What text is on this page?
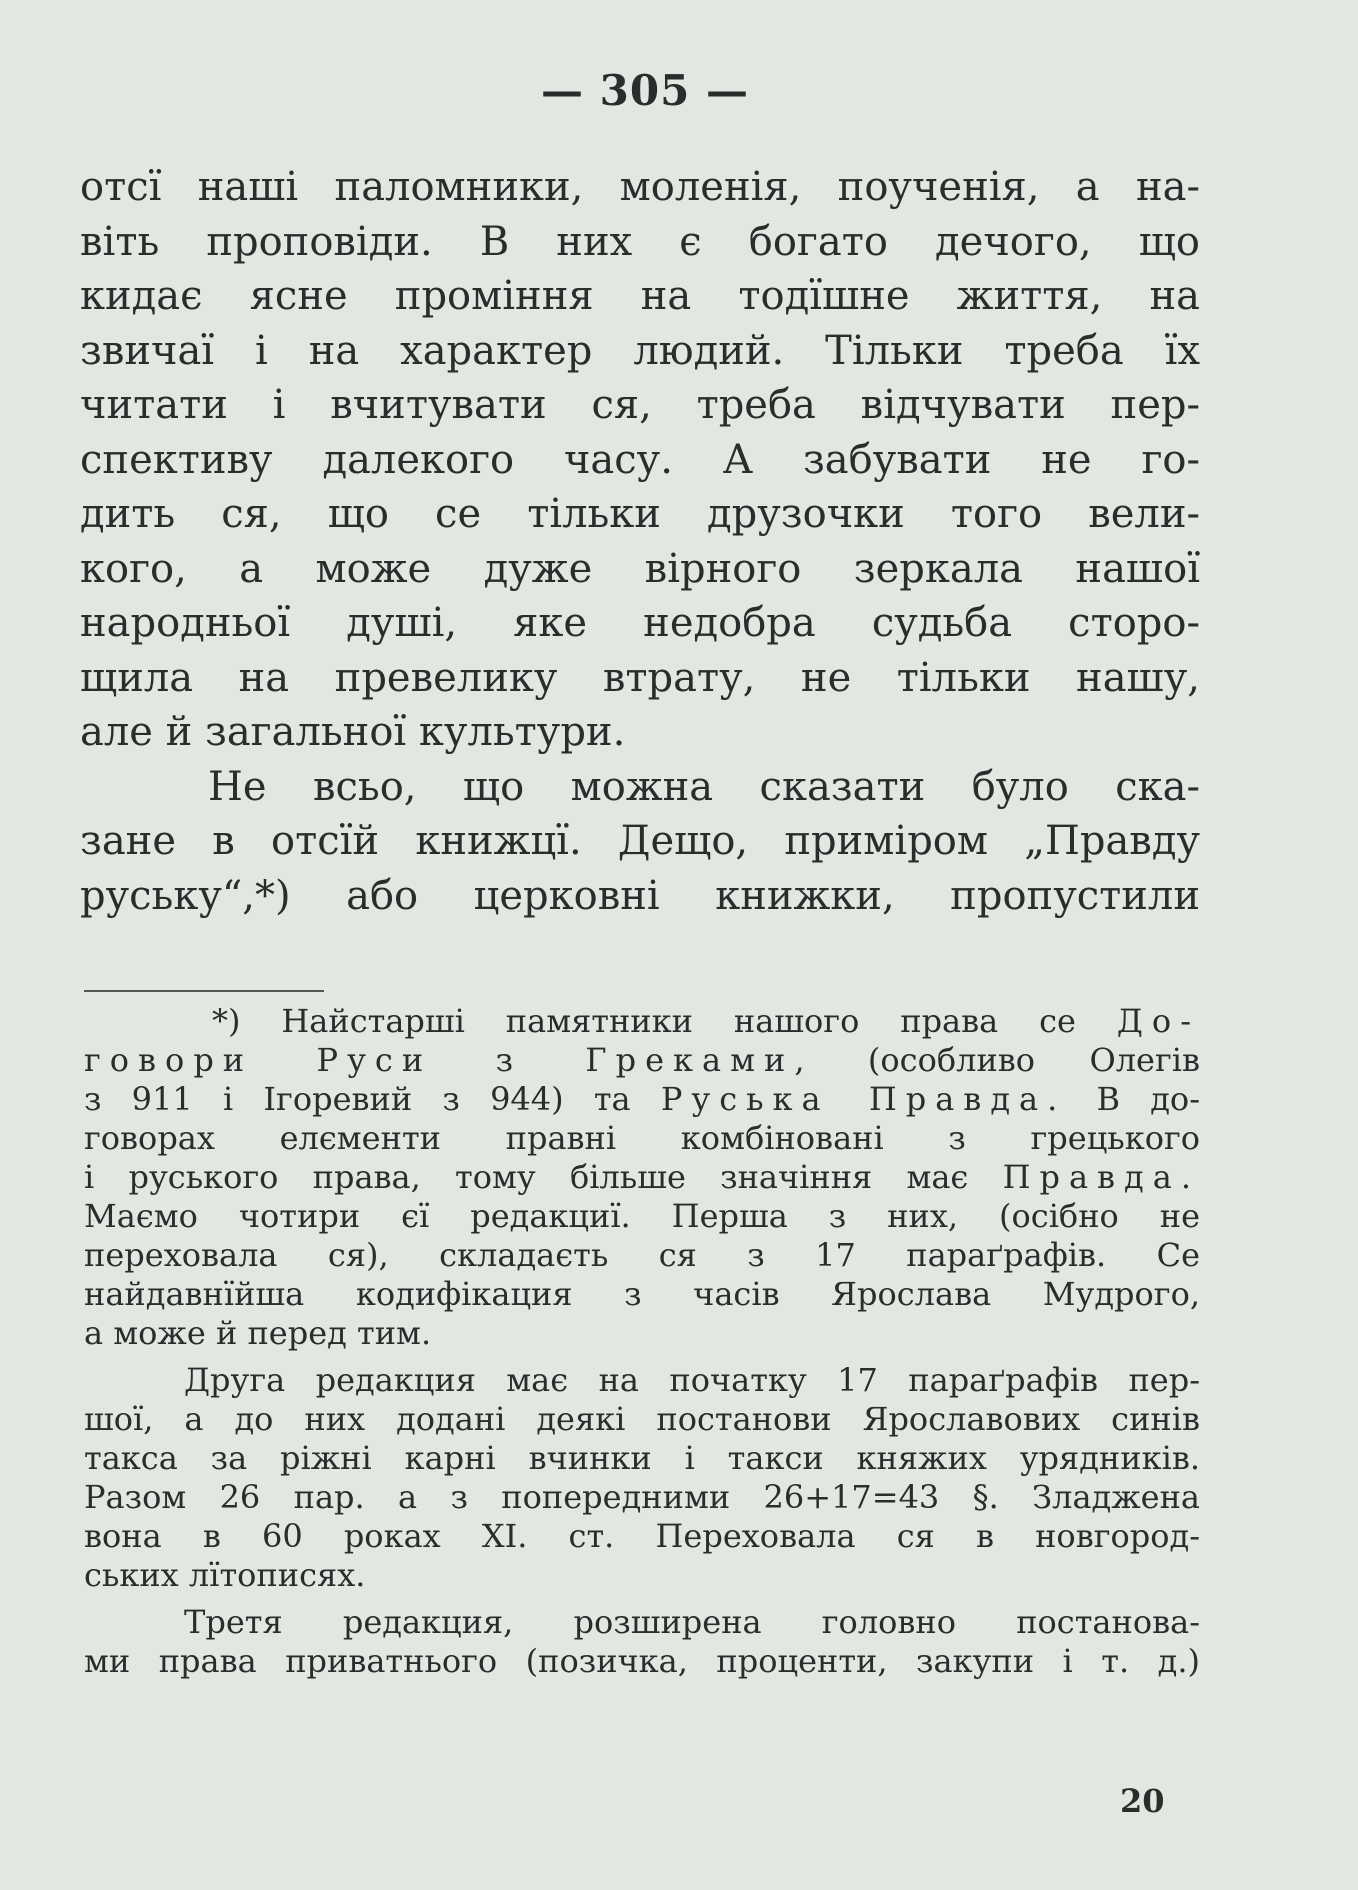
— 305 —
отсї наші паломники, моленія, поученія, а на-
віть проповіди. В них є богато дечого, що
кидає ясне проміння на тодїшне життя, на
звичаї і на характер людий. Тільки треба їх
читати і вчитувати ся, треба відчувати пер-
спективу далекого часу. А забувати не го-
дить ся, що се тільки друзочки того вели-
кого, а може дуже вірного зеркала нашої
народньої душі, яке недобра судьба сторо-
щила на превелику втрату, не тільки нашу,
але й загальної культури.
Не всьо, що можна сказати було ска-
зане в отсїй книжцї. Дещо, приміром „Правду
руську“,*) або церковні книжки, пропустили
*) Найстарші памятники нашого права се До-
говори Руси з Греками, (особливо Олегів
з 911 і Ігоревий з 944) та Руська Правда. В до-
говорах елєменти правні комбіновані з грецького
і руського права, тому більше значіння має Правда.
Маємо чотири єї редакциї. Перша з них, (осібно не
переховала ся), складаєть ся з 17 параґрафів. Се
найдавнїйша кодифікация з часів Ярослава Мудрого,
а може й перед тим.
Друга редакция має на початку 17 параґрафів пер-
шої, а до них додані деякі постанови Ярославових синів
такса за ріжні карні вчинки і такси княжих урядників.
Разом 26 пар. а з попередними 26+17=43 §. Зладжена
вона в 60 роках XI. ст. Переховала ся в новгород-
ських лїтописях.
Третя редакция, розширена головно постанова-
ми права приватнього (позичка, проценти, закупи і т. д.)
20
